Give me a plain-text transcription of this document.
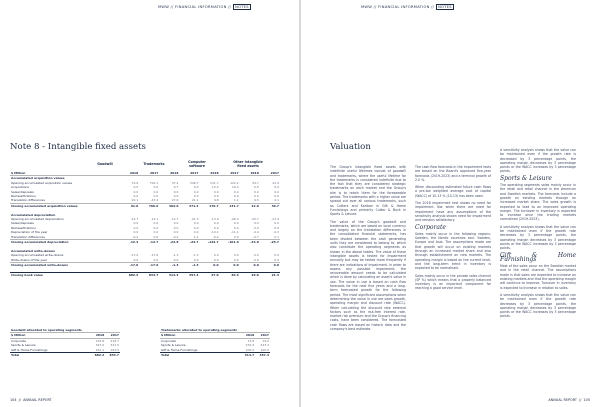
MWW // FINANCIAL INFORMATION // NOTES
Note 8 - Intangible fixed assets
Goodwill	Trademarks	Computer software
Other intangible fixed assets
$ Million	2018	2017	2018	2017	2018	2017	2018	2017
Accumulated acquisition values								
Opening accumulated acquisition values	70.6	702.1	37.4	346.7	131.7	122.2	34.7	41.9
Acquisitions	0.0	0.0	0.7	0.0	12.2	19.4	0.0	0.0
Sales/disposals	0.0	0.0	0.0	0.0	0.0	0.4	0.0	0.0
Reclassifications	0.0	0.0	0.0	0.0	0.0	0.0	0.0	0.0
Translation differences	20.1	-47.4	27.6	21.1	4.8	1.1	4.5	4.1
Closing accumulated acquisition values	91.0	706.6	402.0	371.4	170.7	131.7	42.0	36.7

Accumulated depreciation								
Opening accumulated depreciation	-12.7	-12.1	-12.7	-21.3	-13.9	-96.4	-25.7	-21.4
Sales/disposals	0.0	0.0	0.0	0.0	0.0	0.0	0.0	0.0
Reclassifications	0.0	0.0	0.0	0.0	0.0	0.0	0.0	0.0
Depreciation of the year	0.0	0.0	0.0	0.0	-10.1	-11.1	-4.4	-4.3
Translation differences	-0.2	0.6	-0.2	1.1	-0.4	0.9	-0.7	0.1
Closing accumulated depreciation	-12.4	-12.7	-22.8	-22.7	-122.7	-101.9	-24.0	-25.7

Accumulated write-downs								
Opening accumulated write-downs	-17.0	-17.6	-1.3	-1.3	0.0	0.0	0.0	0.0
Write-downs of the year	0.0	0.0	0.0	0.0	0.0	0.0	0.0	0.0
Closing accumulated write-downs	-17.0	-17.6	-1.3	-1.3	0.0	0.0	0.0	0.0

Closing book value	882.2	834.7	314.4	357.4	27.0	30.3	29.6	21.3
Goodwill allocated to operating segments		
$ Million	2018	2017
Corporate	232.8	218.7
Sports & Leisure	347.0	341.5
Gift & Home Furnishings	161.1	163.9
Total	882.2	834.7
Trademarks allocated to operating segments		
$ Million	2018	2017
Corporate	13.8	14.0
Sports & Leisure	270.9	243.3
Gift & Home Furnishings	100.0	100.0
Total	314.7	357.4
104  //  ANNUAL REPORT
MWW // FINANCIAL INFORMATION // NOTES
Valuation

The Group's intangible fixed assets with indefinite useful lifetimes consist of goodwill and trademarks, where the useful lifetime for the trademarks is considered indefinite due to the fact that they are considered strategic trademarks on each market and the Group's aim is to retain them for the foreseeable period. The trademarks with a higher value are spread out over all various trademarks, such as Cutters and Kariban in Gift & Home Furnishings and primarily Cutter & Buck in Sports & Leisure.

The value of the Group's goodwill and trademarks, which are based on local currency and largely on the translation differences in the consolidated financial statements, has been divided between the cash generating units they are considered to belong to, which also constitute the operating segments as shown in the above tables. The value of these intangible assets is tested for impairment annually but may be tested more frequently if there are indications of impairment. In order to assess any possible impairment, the recoverable amount needs to be calculated which is done by calculating an asset's value in use. The value in use is based on cash flow forecasts for the next five years and a long-term forecasted growth for the following period. The most significant assumptions when determining the value in use are sales growth, operating margin and discount rate (WACC). When calculating the discount rate external factors such as the risk-free interest rate, market risk premium and the Group's financing costs, have been considered. The forecasted cash flows are based on historic data and the company's best estimate.

The cash flow forecasts in the impairment tests are based on the Board's approved five-year forecasts (2019-2023) and a terminal growth of 2.0 %.

When discounting estimated future cash flows a pre-tax weighted average cost of capital (WACC) of 10-13 % (10-13) has been used.

The 2018 impairment test shows no need for impairment. Nor when there are need for impairment have any assumptions of the sensitivity analysis shown need for impairment and remains satisfactory.

Corporate

Sales mainly occur in the following regions: Sweden, the Nordic countries excl. Sweden, Europe and Asia. The assumptions made are that growth will occur on existing markets through an increased market share and also through establishment on new markets. The operating margin is based on the current level, and the long-term trend in inventory is expected to be normalised.

Sales mainly occur in the private sales channel (SP %) which means that a properly balanced inventory is an important component for reaching a good service level.

A sensitivity analysis shows that the value can be maintained even if the growth rate is decreased by 3 percentage points, the operating margin decreases by 3 percentage points or the WACC increases by 3 percentage points.

Sports & Leisure

The operating segments sales mainly occur in the retail and retail channel in the American and Swedish markets. The forecasts include a growth on existing markets through an increased market share. The sales growth is expected to lead to an improved operating margin. The turnover in inventory is expected to increase once the trading markets normalised (2019-2023).

A sensitivity analysis shows that the value can be maintained even if the growth rate decreases by 3 percentage points, the operating margin decreases by 3 percentage points or the WACC increases by 3 percentage points.

Gift & Home Furnishings

Most of the sales occur on the Swedish market and in the retail channel. The assumptions made is that sales are expected to increase on existing markets and that the operating margin will continue to improve. Turnover in inventory is expected to increase in relation to sales.

A sensitivity analysis shows that the value can be maintained even if the growth rate decreases by 3 percentage points, the operating margin decreases by 3 percentage points or the WACC increases by 3 percentage points.

ANNUAL REPORT  //  105
